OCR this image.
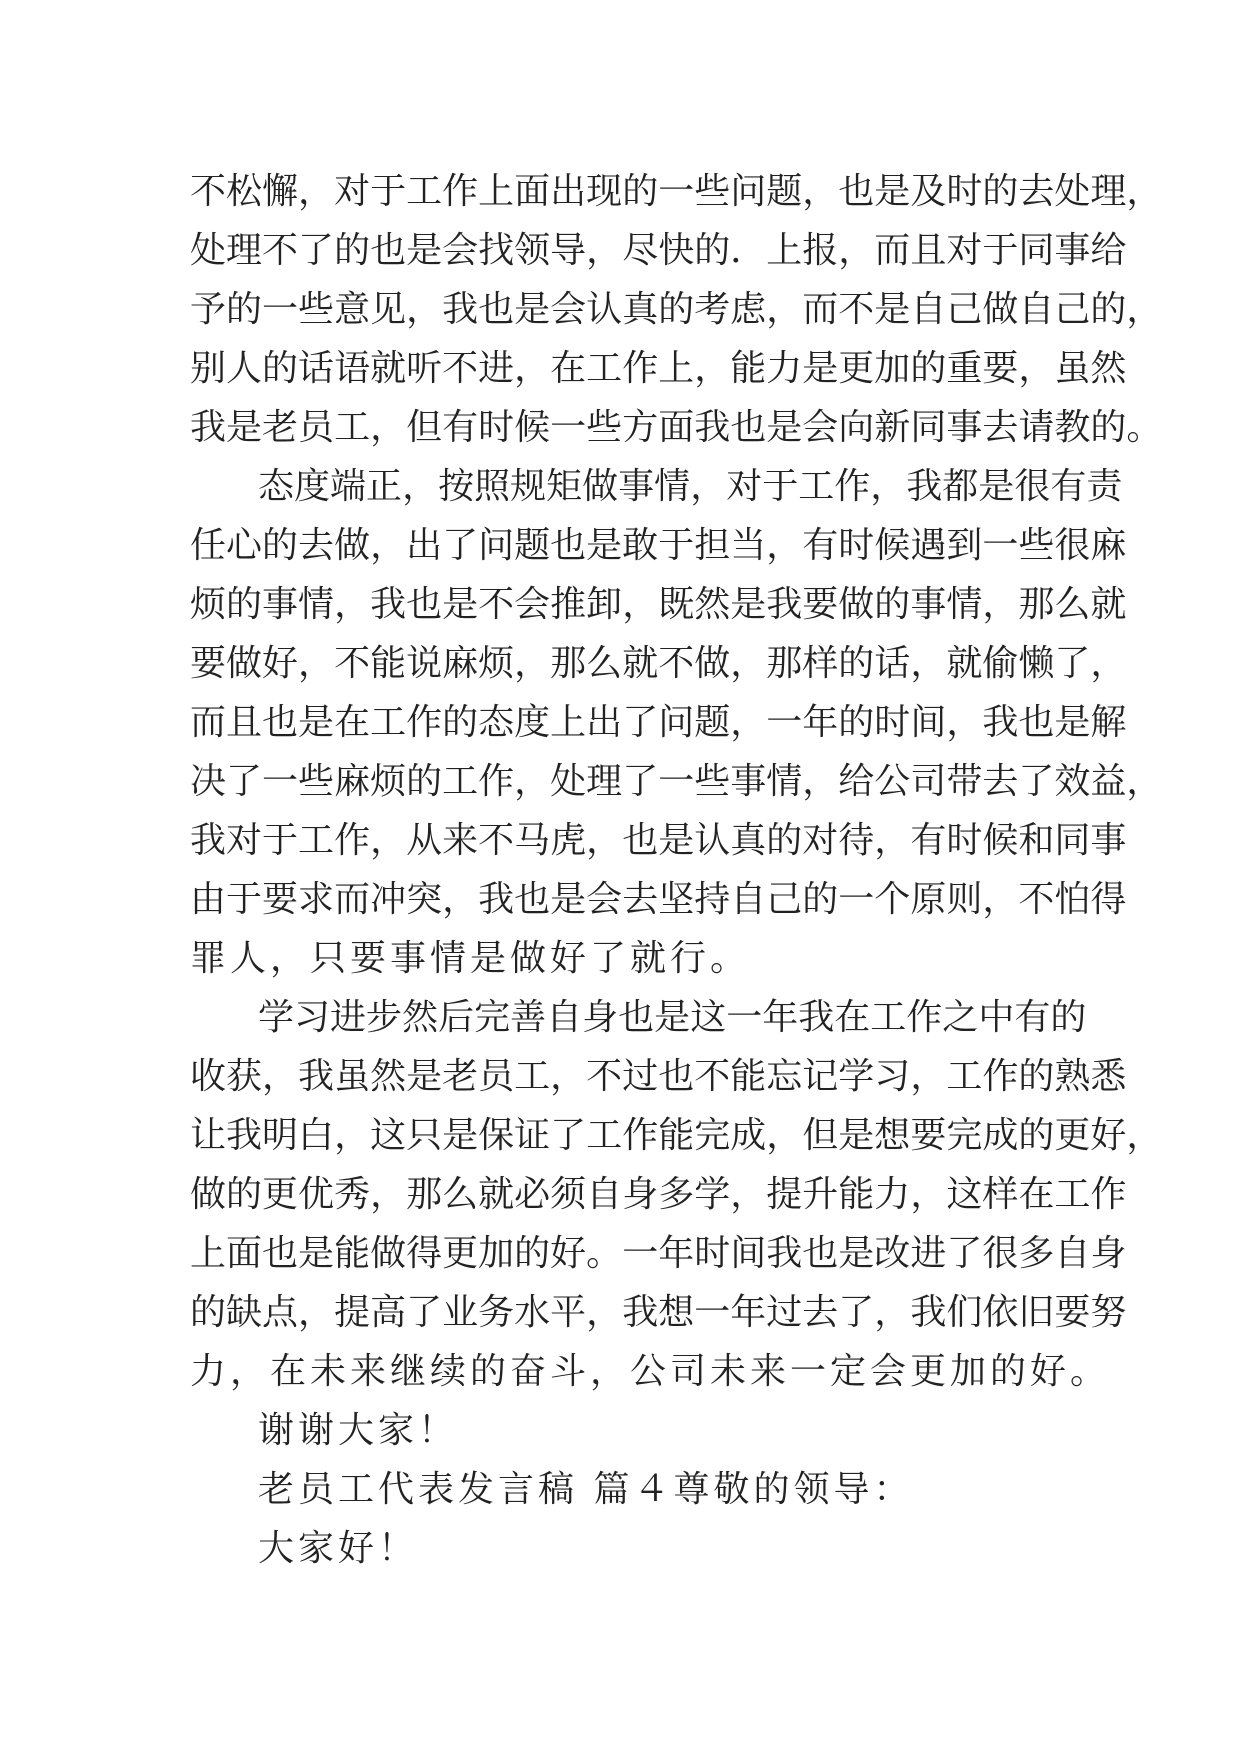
不 松 懈 ， 对 于 工 作 上 面 出 现 的 一 些 问 题 ， 也 是 及 时 的 去 处 理 ，
处 理 不 了 的 也 是 会 找 领 导 ， 尽 快 的 ． 上 报 ， 而 且 对 于 同 事 给
予 的 一 些 意 见 ， 我 也 是 会 认 真 的 考 虑 ， 而 不 是 自 己 做 自 己 的 ，
别 人 的 话 语 就 听 不 进 ， 在 工 作 上 ， 能 力 是 更 加 的 重 要 ， 虽 然
我 是 老 员 工 ， 但 有 时 候 一 些 方 面 我 也 是 会 向 新 同 事 去 请 教 的 。
态 度 端 正 ， 按 照 规 矩 做 事 情 ， 对 于 工 作 ， 我 都 是 很 有 责
任 心 的 去 做 ， 出 了 问 题 也 是 敢 于 担 当 ， 有 时 候 遇 到 一 些 很 麻
烦 的 事 情 ， 我 也 是 不 会 推 卸 ， 既 然 是 我 要 做 的 事 情 ， 那 么 就
要 做 好 ， 不 能 说 麻 烦 ， 那 么 就 不 做 ， 那 样 的 话 ， 就 偷 懒 了 ，
而 且 也 是 在 工 作 的 态 度 上 出 了 问 题 ， 一 年 的 时 间 ， 我 也 是 解
决 了 一 些 麻 烦 的 工 作 ， 处 理 了 一 些 事 情 ， 给 公 司 带 去 了 效 益 ，
我 对 于 工 作 ， 从 来 不 马 虎 ， 也 是 认 真 的 对 待 ， 有 时 候 和 同 事
由 于 要 求 而 冲 突 ， 我 也 是 会 去 坚 持 自 己 的 一 个 原 则 ， 不 怕 得
罪人，只要事情是做好了就行。
学 习 进 步 然 后 完 善 自 身 也 是 这 一 年 我 在 工 作 之 中 有 的
收 获 ， 我 虽 然 是 老 员 工 ， 不 过 也 不 能 忘 记 学 习 ， 工 作 的 熟 悉
让 我 明 白 ， 这 只 是 保 证 了 工 作 能 完 成 ， 但 是 想 要 完 成 的 更 好 ，
做 的 更 优 秀 ， 那 么 就 必 须 自 身 多 学 ， 提 升 能 力 ， 这 样 在 工 作
上 面 也 是 能 做 得 更 加 的 好 。 一 年 时 间 我 也 是 改 进 了 很 多 自 身
的 缺 点 ， 提 高 了 业 务 水 平 ， 我 想 一 年 过 去 了 ， 我 们 依 旧 要 努
力，在未来继续的奋斗，公司未来一定会更加的好。
谢谢大家！
老员工代表发言稿 篇４尊敬的领导：
大家好！
